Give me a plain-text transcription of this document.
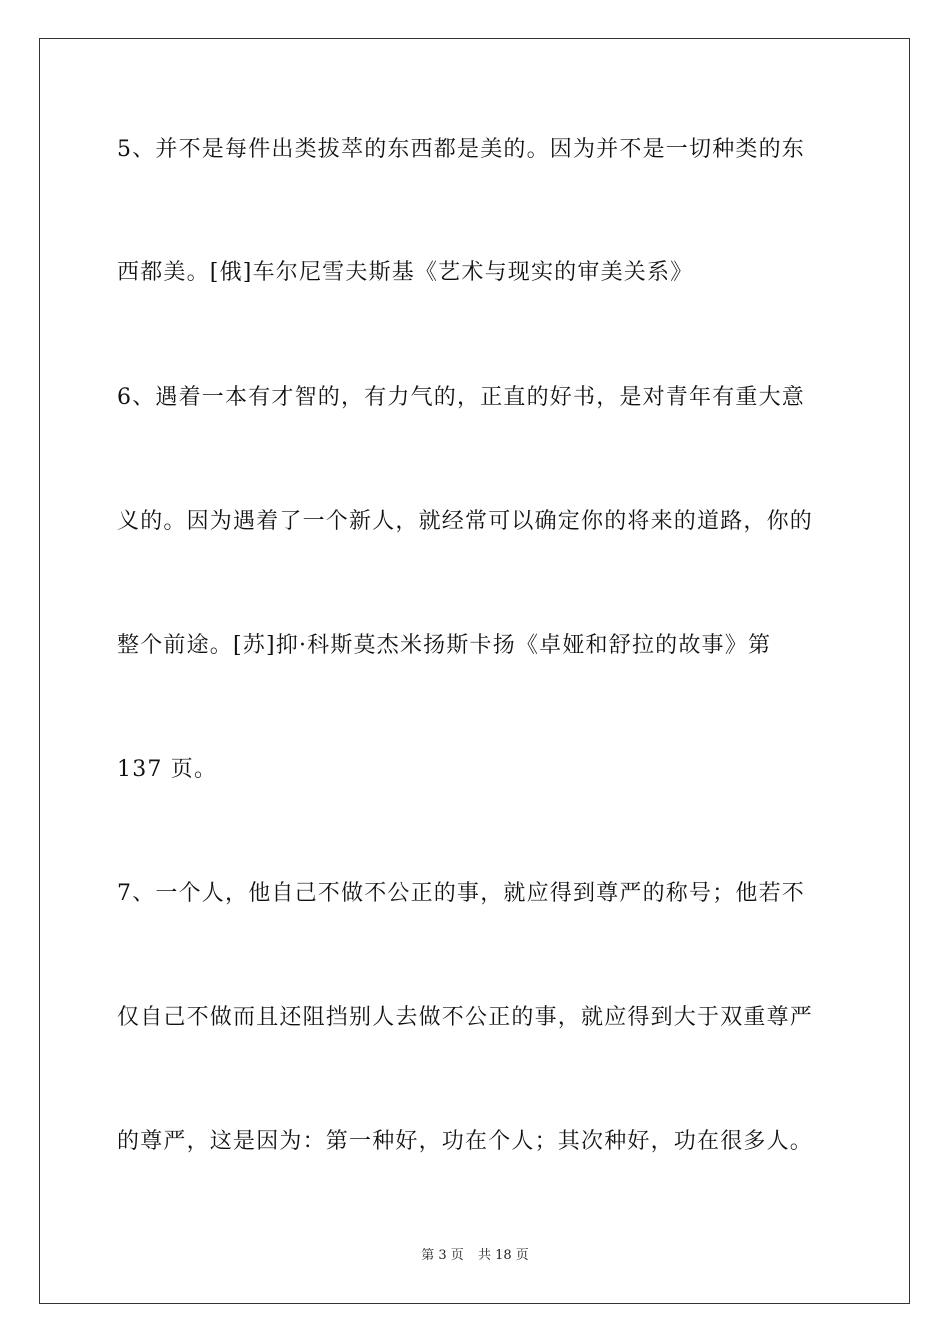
5、并不是每件出类拔萃的东西都是美的。因为并不是一切种类的东
西都美。[俄]车尔尼雪夫斯基《艺术与现实的审美关系》
6、遇着一本有才智的，有力气的，正直的好书，是对青年有重大意
义的。因为遇着了一个新人，就经常可以确定你的将来的道路，你的
整个前途。[苏]抑·科斯莫杰米扬斯卡扬《卓娅和舒拉的故事》第
137 页。
7、一个人，他自己不做不公正的事，就应得到尊严的称号；他若不
仅自己不做而且还阻挡别人去做不公正的事，就应得到大于双重尊严
的尊严，这是因为：第一种好，功在个人；其次种好，功在很多人。
第 3 页 共 18 页
